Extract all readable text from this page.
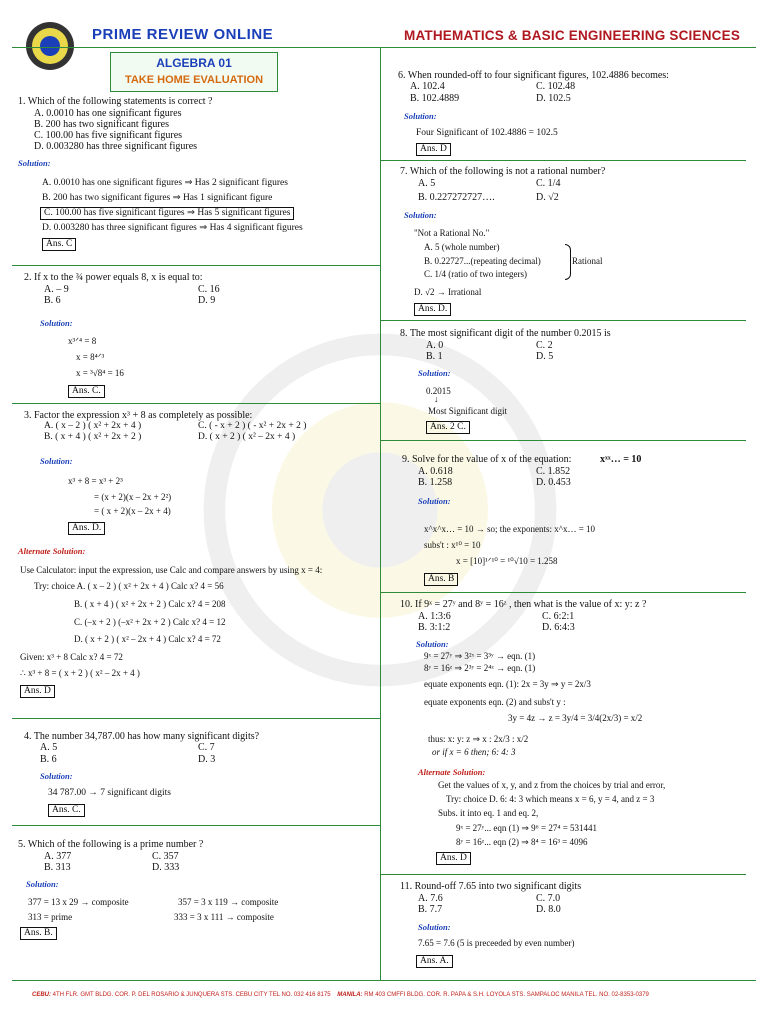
PRIME REVIEW ONLINE	MATHEMATICS & BASIC ENGINEERING SCIENCES
ALGEBRA 01
TAKE HOME EVALUATION
1. Which of the following statements is correct ?
A. 0.0010 has one significant figures
B. 200 has two significant figures
C. 100.00 has five significant figures
D. 0.003280 has three significant figures
Solution:
A. 0.0010 has one significant figures ⇒ Has 2 significant figures
B. 200 has two significant figures ⇒ Has 1 significant figure
C. 100.00 has five significant figures ⇒ Has 5 significant figures
D. 0.003280 has three significant figures ⇒ Has 4 significant figures
Ans. C
2. If x to the ¾ power equals 8, x is equal to:
A. – 9
B. 6
C. 16
D. 9
Solution:
x³ᐟ⁴ = 8
x = 8⁴ᐟ³
x = ³√8⁴ = 16
Ans. C.
3. Factor the expression x³ + 8 as completely as possible:
A. ( x – 2 ) ( x² + 2x + 4 )
B. ( x + 4 ) ( x² + 2x + 2 )
C. ( - x + 2 ) ( - x² + 2x + 2 )
D. ( x + 2 ) ( x² – 2x + 4 )
Solution:
x³ + 8 = x³ + 2³
= (x + 2)(x – 2x + 2²)
= ( x + 2)(x – 2x + 4)
Ans. D.
Alternate Solution:
Use Calculator: input the expression, use Calc and compare answers by using x = 4:
Try: choice A. ( x – 2 ) ( x² + 2x + 4 ) Calc x? 4 = 56
B. ( x + 4 ) ( x² + 2x + 2 ) Calc x? 4 = 208
C. (–x + 2 ) (–x² + 2x + 2 ) Calc x? 4 = 12
D. ( x + 2 ) ( x² – 2x + 4 ) Calc x? 4 = 72
Given: x³ + 8 Calc x? 4 = 72
∴ x³ + 8 = ( x + 2 ) ( x² – 2x + 4 )
Ans. D
4. The number 34,787.00 has how many significant digits?
A. 5
B. 6
C. 7
D. 3
Solution:
34 787.00 → 7 significant digits
Ans. C.
5. Which of the following is a prime number ?
A. 377
B. 313
C. 357
D. 333
Solution:
377 = 13 x 29 → composite
313 = prime
357 = 3 x 119 → composite
333 = 3 x 111 → composite
Ans. B.
6. When rounded-off to four significant figures, 102.4886 becomes:
A. 102.4
B. 102.4889
C. 102.48
D. 102.5
Solution:
Four Significant of 102.4886 = 102.5
Ans. D
7. Which of the following is not a rational number?
A. 5
B. 0.227272727….
C. 1/4
D. √2
Solution:
"Not a Rational No."
A. 5 (whole number)
B. 0.22727...(repeating decimal)
C. 1/4 (ratio of two integers)
Rational
D. √2 → Irrational
Ans. D.
8. The most significant digit of the number 0.2015 is
A. 0
B. 1
C. 2
D. 5
Solution:
0.2015
↓
Most Significant digit
Ans. 2 C.
9. Solve for the value of x of the equation:	xˣˣ… = 10
A. 0.618
B. 1.258
C. 1.852
D. 0.453
Solution:
x^x^x… = 10 → so; the exponents: x^x… = 10
subs't : x¹⁰ = 10
x = [10]¹ᐟ¹⁰ = ¹⁰√10 = 1.258
Ans. B
10. If 9ˣ = 27ʸ and 8ʸ = 16ᶻ , then what is the value of x: y: z ?
A. 1:3:6
B. 3:1:2
C. 6:2:1
D. 6:4:3
Solution:
9ˣ = 27ʸ ⇒ 3²ˣ = 3³ʸ → eqn. (1)
8ʸ = 16ᶻ ⇒ 2³ʸ = 2⁴ᶻ → eqn. (1)
equate exponents eqn. (1): 2x = 3y ⇒ y = 2x/3
equate exponents eqn. (2) and subs't y :
3y = 4z → z = 3y/4 = 3/4(2x/3) = x/2
thus: x: y: z ⇒ x : 2x/3 : x/2
or if x = 6 then; 6: 4: 3
Alternate Solution:
Get the values of x, y, and z from the choices by trial and error,
Try: choice D. 6: 4: 3 which means x = 6, y = 4, and z = 3
Subs. it into eq. 1 and eq. 2,
9ˣ = 27ʸ... eqn (1) ⇒ 9⁶ = 27⁴ = 531441
8ʸ = 16ᶻ... eqn (2) ⇒ 8⁴ = 16³ = 4096
Ans. D
11. Round-off 7.65 into two significant digits
A. 7.6
B. 7.7
C. 7.0
D. 8.0
Solution:
7.65 = 7.6 (5 is preceeded by even number)
Ans. A.
CEBU: 4TH FLR. GMT BLDG. COR. P. DEL ROSARIO & JUNQUERA STS. CEBU CITY TEL NO. 032 416 8175 MANILA: RM 403 CMFFI BLDG. COR. R. PAPA & S.H. LOYOLA STS. SAMPALOC MANILA TEL. NO. 02-8353-0379
